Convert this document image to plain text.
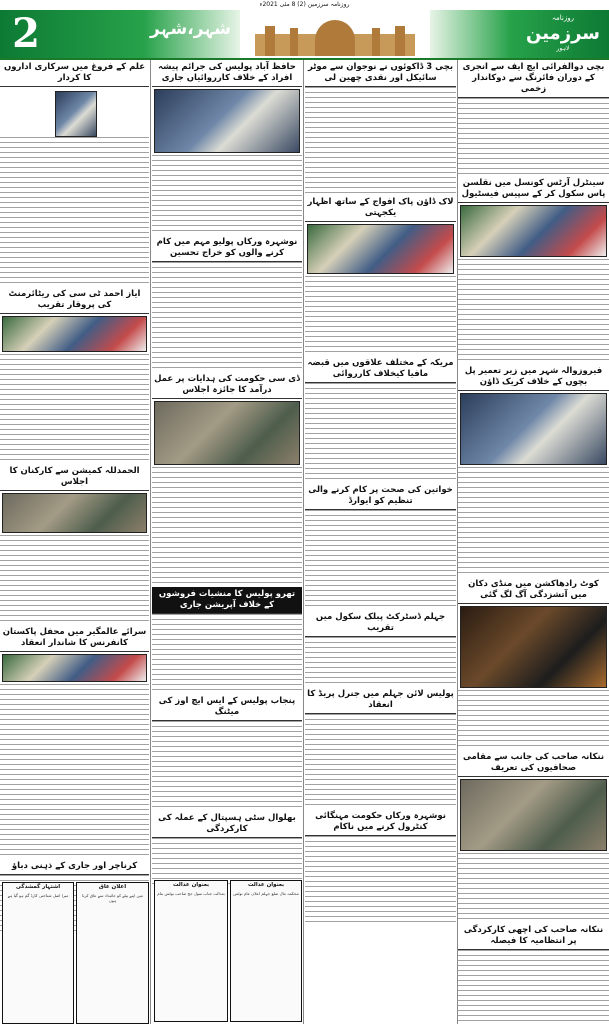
روزنامہ سرزمین (2) 8 مئی 2021ء
2	شہر،شہر
روزنامہ
سرزمین
لاہور
بچی دوالفرائی ایچ ایف سے انجری کے دوران فائرنگ سے دوکاندار زخمی
سینٹرل آرٹس کونسل میں نقلسن پاس سکول کر کے سپیس فیسٹیول
فیروزوالہ شہر میں زیر تعمیر پل بچوں کے خلاف کریک ڈاؤن
کوٹ رادھاکشن میں منڈی دکان میں آتشزدگی آگ لگ گئی
ننکانہ صاحب کی جانب سے مقامی صحافیوں کی تعریف
ننکانہ صاحب کی اچھی کارکردگی پر انتظامیہ کا فیصلہ
بچی 3 ڈاکوئوں نے نوجوان سے موٹر سائیکل اور نقدی چھین لی
لاک ڈاؤن پاک افواج کے ساتھ اظہار یکجہتی
مریکہ کے مختلف علاقوں میں قبضہ مافیا کیخلاف کارروائی
خواتین کی صحت پر کام کرنے والی تنظیم کو ایوارڈ
جہلم ڈسٹرکٹ پبلک سکول میں تقریب
پولیس لائن جہلم میں جنرل پریڈ کا انعقاد
نوشہرہ ورکاں حکومت مہنگائی کنٹرول کرنے میں ناکام
حافظ آباد پولیس کی جرائم پیشہ افراد کے خلاف کارروائیاں جاری
نوشہرہ ورکاں پولیو مہم میں کام کرنے والوں کو خراج تحسین
ڈی سی حکومت کی ہدایات پر عمل درآمد کا جائزہ اجلاس
تھرو پولیس کا منشیات فروشوں کے خلاف آپریشن جاری
پنجاب پولیس کے ایس ایچ اوز کی میٹنگ
بھلوال سٹی ہسپتال کے عملہ کی کارکردگی
بعنوان عدالت
محکمہ مال ضلع جہلم اعلان عام نوٹس
بعنوان عدالت
بعدالت جناب سول جج صاحب نوٹس بنام
علم کے فروغ میں سرکاری اداروں کا کردار
ایاز احمد ٹی سی کی ریٹائرمنٹ کی پروقار تقریب
الحمدللہ کمیشن سے کارکنان کا اجلاس
سرائے عالمگیر میں محفل پاکستان کانفرنس کا شاندار انعقاد
کرناچر اور جاری کے ذہنی دباؤ
اشتہار گمشدگی
میرا اصل شناختی کارڈ گم ہو گیا ہے
اعلان عاق
میں اپنے بیٹے کو جائیداد سے عاق کرتا ہوں
